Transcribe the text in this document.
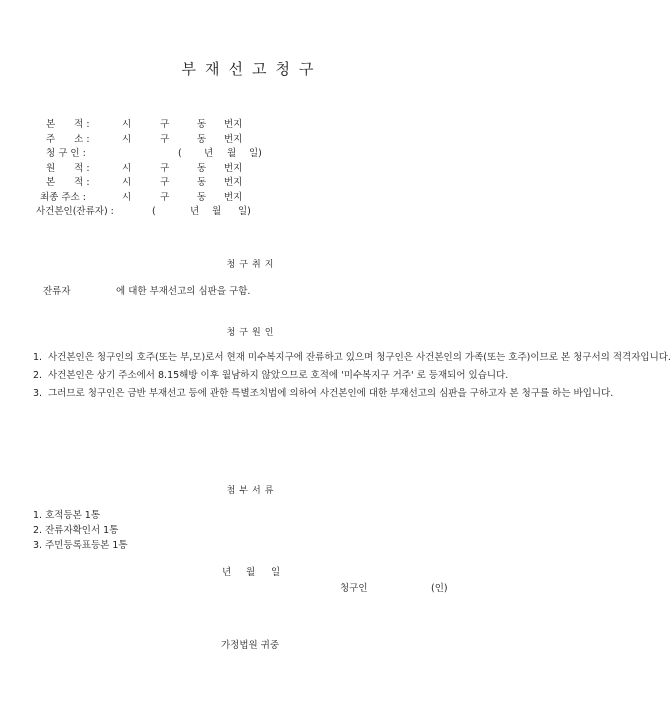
부재선고청구
본　　적 :	시	구	동 번지
주　　소 :	시	구	동 번지
청 구 인 :	( 년 월 일)
원　　적 :	시	구	동 번지
본　　적 :	시	구	동 번지
최종 주소 :	시	구	동 번지
사건본인(잔류자) :	(	년 월 일)
청구취지
잔류자	에 대한 부재선고의 심판을 구함.
청구원인
1. 사건본인은 청구인의 호주(또는 부,모)로서 현재 미수복지구에 잔류하고 있으며 청구인은 사건본인의 가족(또는 호주)이므로 본 청구서의 적격자입니다.
2. 사건본인은 상기 주소에서 8.15해방 이후 월남하지 않았으므로 호적에 '미수복지구 거주' 로 등재되어 있습니다.
3. 그러므로 청구인은 금반 부재선고 등에 관한 특별조치법에 의하여 사건본인에 대한 부재선고의 심판을 구하고자 본 청구를 하는 바입니다.
첨부서류
1. 호적등본 1통
2. 잔류자확인서 1통
3. 주민등록표등본 1통
년 월 일
청구인	(인)
가정법원 귀중
